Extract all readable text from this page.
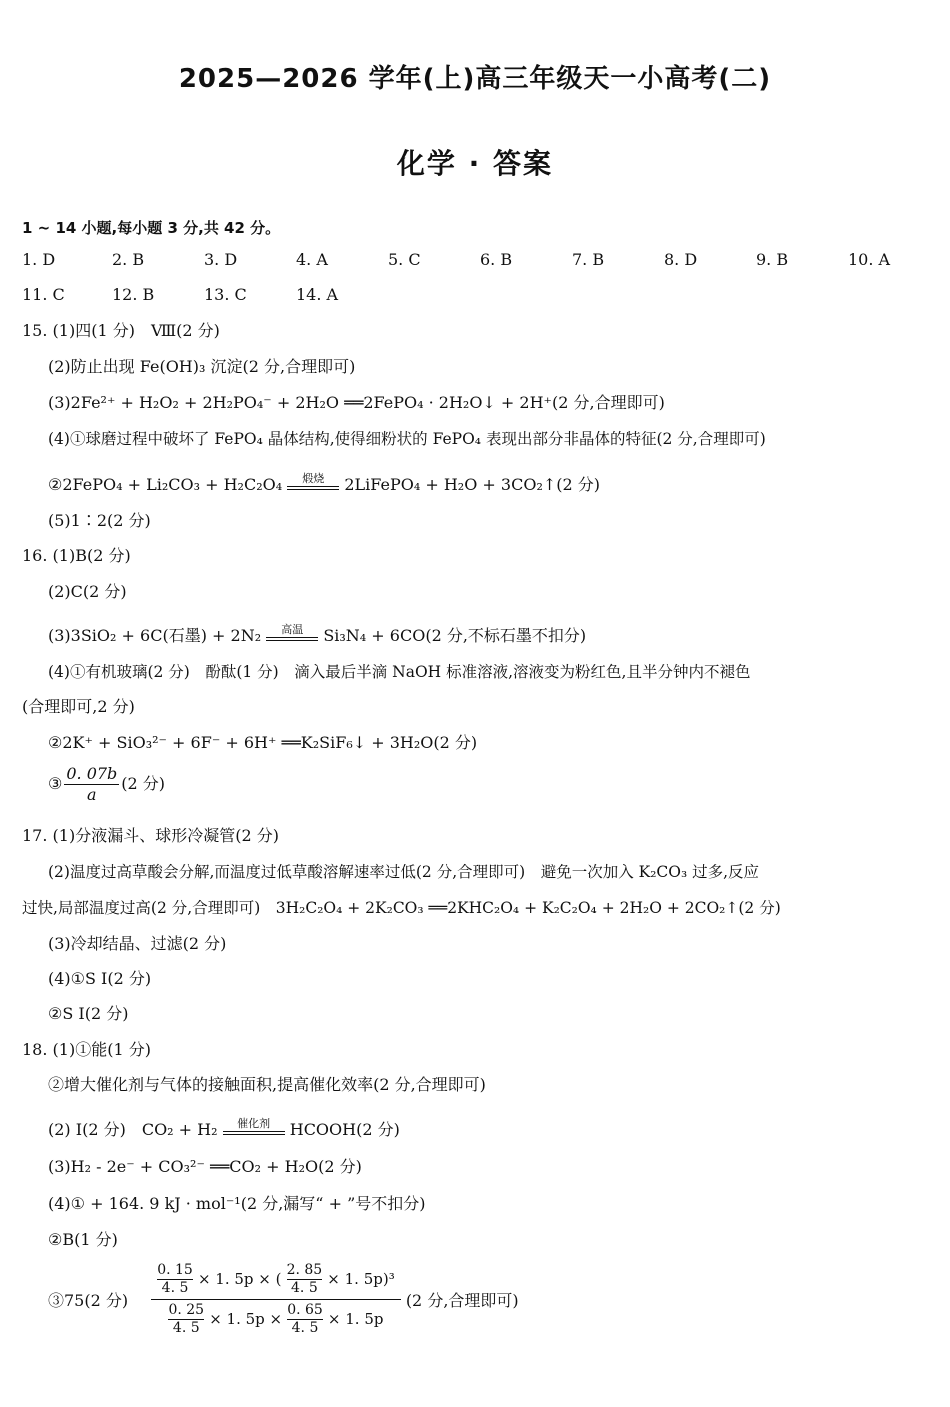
2025—2026 学年(上)高三年级天一小高考(二)
化学 · 答案
1 ~ 14 小题,每小题 3 分,共 42 分。
1. D	2. B	3. D	4. A	5. C	6. B	7. B	8. D	9. B	10. A
11. C	12. B	13. C	14. A
15. (1)四(1 分)　Ⅷ(2 分)
(2)防止出现 Fe(OH)₃ 沉淀(2 分,合理即可)
(3)2Fe²⁺ + H₂O₂ + 2H₂PO₄⁻ + 2H₂O ══2FePO₄ · 2H₂O↓ + 2H⁺(2 分,合理即可)
(4)①球磨过程中破坏了 FePO₄ 晶体结构,使得细粉状的 FePO₄ 表现出部分非晶体的特征(2 分,合理即可)
②2FePO₄ + Li₂CO₃ + H₂C₂O₄	煅烧	2LiFePO₄ + H₂O + 3CO₂↑(2 分)
(5)1∶2(2 分)
16. (1)B(2 分)
(2)C(2 分)
(3)3SiO₂ + 6C(石墨) + 2N₂	高温	Si₃N₄ + 6CO(2 分,不标石墨不扣分)
(4)①有机玻璃(2 分)　酚酞(1 分)　滴入最后半滴 NaOH 标准溶液,溶液变为粉红色,且半分钟内不褪色
(合理即可,2 分)
②2K⁺ + SiO₃²⁻ + 6F⁻ + 6H⁺ ══K₂SiF₆↓ + 3H₂O(2 分)
③ $\frac{0. 07b}{a} (2$ 分)
17. (1)分液漏斗、球形冷凝管(2 分)
(2)温度过高草酸会分解,而温度过低草酸溶解速率过低(2 分,合理即可)　避免一次加入 K₂CO₃ 过多,反应
过快,局部温度过高(2 分,合理即可)　3H₂C₂O₄ + 2K₂CO₃ ══2KHC₂O₄ + K₂C₂O₄ + 2H₂O + 2CO₂↑(2 分)
(3)冷却结晶、过滤(2 分)
(4)①S Ⅰ(2 分)
②S Ⅰ(2 分)
18. (1)①能(1 分)
②增大催化剂与气体的接触面积,提高催化效率(2 分,合理即可)
(2) Ⅰ(2 分)　CO₂ + H₂	催化剂	HCOOH(2 分)
(3)H₂ - 2e⁻ + CO₃²⁻ ══CO₂ + H₂O(2 分)
(4)① + 164. 9 kJ · mol⁻¹(2 分,漏写“ + ”号不扣分)
②B(1 分)
③75(2 分) $\frac{\frac{0. 15}{4. 5} \times 1. 5p \times ( \frac{2. 85}{4. 5} \times 1. 5p)^3}{\frac{0. 25}{4. 5} \times 1. 5p \times \frac{0. 65}{4. 5} \times 1. 5p} (2$ 分,合理即可)
